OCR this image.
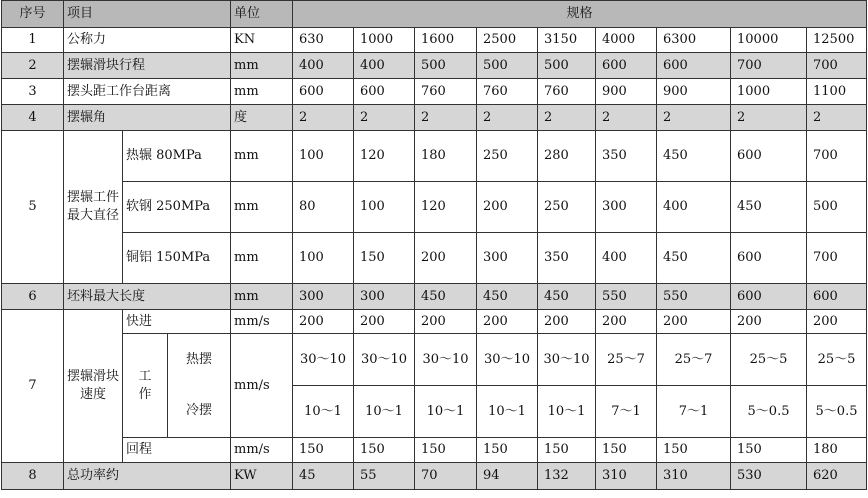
序号	项目			单位	规格								
1	公称力			KN	630	1000	1600	2500	3150	4000	6300	10000	12500
2	摆辗滑块行程			mm	400	400	500	500	500	600	600	700	700
3	摆头距工作台距离			mm	600	600	760	760	760	900	900	1000	1100
4	摆辗角			度	2	2	2	2	2	2	2	2	2
5	摆辗工件最大直径	热辗 80MPa		mm	100	120	180	250	280	350	450	600	700
		软钢 250MPa		mm	80	100	120	200	250	300	400	450	500
		铜铝 150MPa		mm	100	150	200	300	350	400	450	600	700
6	坯料最大长度			mm	300	300	450	450	450	550	550	600	600
7	摆辗滑块速度	快进		mm/s	200	200	200	200	200	200	200	200	200
		工作	热摆	mm/s	30～10	30～10	30～10	30～10	30～10	25～7	25～7	25～5	25～5
			冷摆		10～1	10～1	10～1	10～1	10～1	7～1	7～1	5～0.5	5～0.5
		回程		mm/s	150	150	150	150	150	150	150	150	180
8	总功率约			KW	45	55	70	94	132	310	310	530	620
